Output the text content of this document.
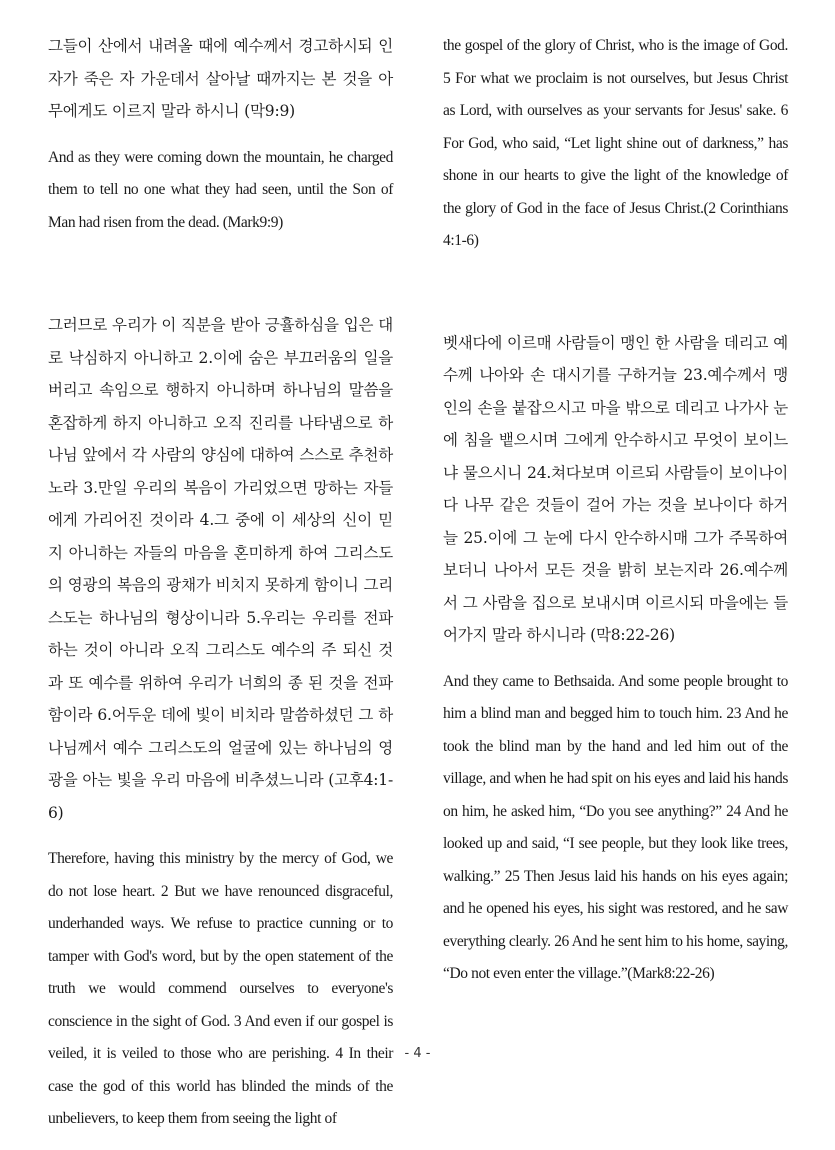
그들이 산에서 내려올 때에 예수께서 경고하시되 인자가 죽은 자 가운데서 살아날 때까지는 본 것을 아무에게도 이르지 말라 하시니 (막9:9)

And as they were coming down the mountain, he charged them to tell no one what they had seen, until the Son of Man had risen from the dead. (Mark9:9)

그러므로 우리가 이 직분을 받아 긍휼하심을 입은 대로 낙심하지 아니하고 2.이에 숨은 부끄러움의 일을 버리고 속임으로 행하지 아니하며 하나님의 말씀을 혼잡하게 하지 아니하고 오직 진리를 나타냄으로 하나님 앞에서 각 사람의 양심에 대하여 스스로 추천하노라 3.만일 우리의 복음이 가리었으면 망하는 자들에게 가리어진 것이라 4.그 중에 이 세상의 신이 믿지 아니하는 자들의 마음을 혼미하게 하여 그리스도의 영광의 복음의 광채가 비치지 못하게 함이니 그리스도는 하나님의 형상이니라 5.우리는 우리를 전파하는 것이 아니라 오직 그리스도 예수의 주 되신 것과 또 예수를 위하여 우리가 너희의 종 된 것을 전파함이라 6.어두운 데에 빛이 비치라 말씀하셨던 그 하나님께서 예수 그리스도의 얼굴에 있는 하나님의 영광을 아는 빛을 우리 마음에 비추셨느니라 (고후4:1-6)

Therefore, having this ministry by the mercy of God, we do not lose heart. 2 But we have renounced disgraceful, underhanded ways. We refuse to practice cunning or to tamper with God's word, but by the open statement of the truth we would commend ourselves to everyone's conscience in the sight of God. 3 And even if our gospel is veiled, it is veiled to those who are perishing. 4 In their case the god of this world has blinded the minds of the unbelievers, to keep them from seeing the light of

the gospel of the glory of Christ, who is the image of God. 5 For what we proclaim is not ourselves, but Jesus Christ as Lord, with ourselves as your servants for Jesus' sake. 6 For God, who said, “Let light shine out of darkness,” has shone in our hearts to give the light of the knowledge of the glory of God in the face of Jesus Christ.(2 Corinthians 4:1-6)

벳새다에 이르매 사람들이 맹인 한 사람을 데리고 예수께 나아와 손 대시기를 구하거늘 23.예수께서 맹인의 손을 붙잡으시고 마을 밖으로 데리고 나가사 눈에 침을 뱉으시며 그에게 안수하시고 무엇이 보이느냐 물으시니 24.쳐다보며 이르되 사람들이 보이나이다 나무 같은 것들이 걸어 가는 것을 보나이다 하거늘 25.이에 그 눈에 다시 안수하시매 그가 주목하여 보더니 나아서 모든 것을 밝히 보는지라 26.예수께서 그 사람을 집으로 보내시며 이르시되 마을에는 들어가지 말라 하시니라 (막8:22-26)

And they came to Bethsaida. And some people brought to him a blind man and begged him to touch him. 23 And he took the blind man by the hand and led him out of the village, and when he had spit on his eyes and laid his hands on him, he asked him, “Do you see anything?” 24 And he looked up and said, “I see people, but they look like trees, walking.” 25 Then Jesus laid his hands on his eyes again; and he opened his eyes, his sight was restored, and he saw everything clearly. 26 And he sent him to his home, saying, “Do not even enter the village.”(Mark8:22-26)

- 4 -
